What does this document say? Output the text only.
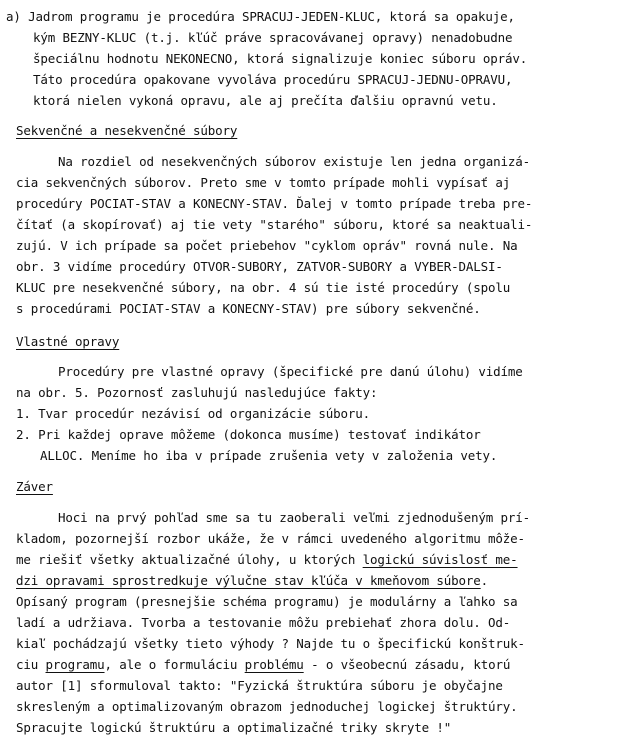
a) Jadrom programu je procedúra SPRACUJ-JEDEN-KLUC, ktorá sa opakuje,
kým BEZNY-KLUC (t.j. kľúč práve spracovávanej opravy) nenadobudne
špeciálnu hodnotu NEKONECNO, ktorá signalizuje koniec súboru opráv.
Táto procedúra opakovane vyvoláva procedúru SPRACUJ-JEDNU-OPRAVU,
ktorá nielen vykoná opravu, ale aj prečíta ďalšiu opravnú vetu.
Sekvenčné a nesekvenčné súbory
Na rozdiel od nesekvenčných súborov existuje len jedna organizá-
cia sekvenčných súborov. Preto sme v tomto prípade mohli vypísať aj
procedúry POCIAT-STAV a KONECNY-STAV. Ďalej v tomto prípade treba pre-
čítať (a skopírovať) aj tie vety "starého" súboru, ktoré sa neaktuali-
zujú. V ich prípade sa počet priebehov "cyklom opráv" rovná nule. Na
obr. 3 vidíme procedúry OTVOR-SUBORY, ZATVOR-SUBORY a VYBER-DALSI-
KLUC pre nesekvenčné súbory, na obr. 4 sú tie isté procedúry (spolu
s procedúrami POCIAT-STAV a KONECNY-STAV) pre súbory sekvenčné.
Vlastné opravy
Procedúry pre vlastné opravy (špecifické pre danú úlohu) vidíme
na obr. 5. Pozornosť zasluhujú nasledujúce fakty:
1. Tvar procedúr nezávisí od organizácie súboru.
2. Pri každej oprave môžeme (dokonca musíme) testovať indikátor
ALLOC. Meníme ho iba v prípade zrušenia vety v založenia vety.
Záver
Hoci na prvý pohľad sme sa tu zaoberali veľmi zjednodušeným prí-
kladom, pozornejší rozbor ukáže, že v rámci uvedeného algoritmu môže-
me riešiť všetky aktualizačné úlohy, u ktorých logickú súvislosť me-
dzi opravami sprostredkuje výlučne stav kľúča v kmeňovom súbore.
Opísaný program (presnejšie schéma programu) je modulárny a ľahko sa
ladí a udržiava. Tvorba a testovanie môžu prebiehať zhora dolu. Od-
kiaľ pochádzajú všetky tieto výhody ? Najde tu o špecifickú konštruk-
ciu programu, ale o formuláciu problému - o všeobecnú zásadu, ktorú
autor [1] sformuloval takto: "Fyzická štruktúra súboru je obyčajne
skresleným a optimalizovaným obrazom jednoduchej logickej štruktúry.
Spracujte logickú štruktúru a optimalizačné triky skryte !"
